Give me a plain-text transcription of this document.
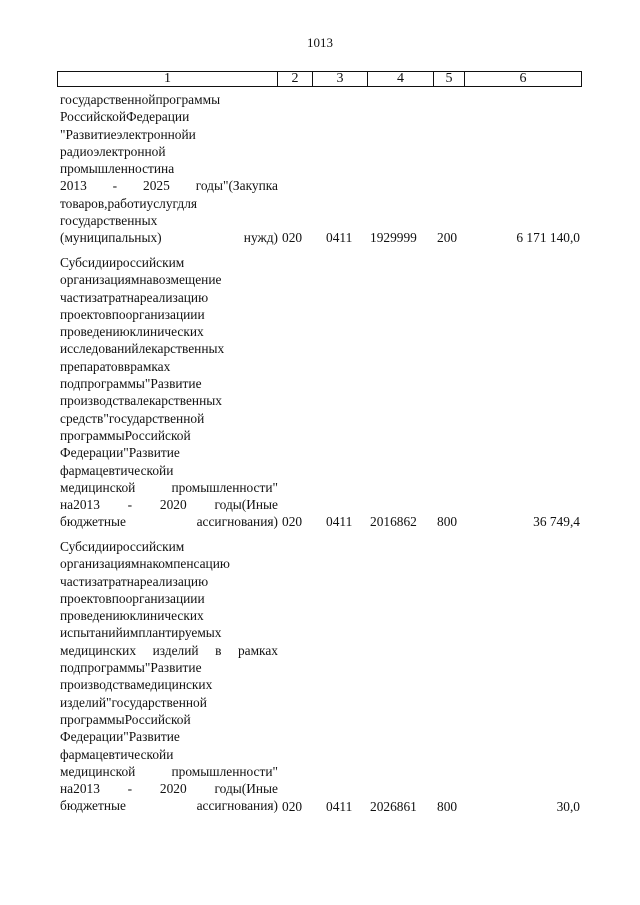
1013
1	2	3	4	5	6
государственнойпрограммы
РоссийскойФедерации
"Развитиеэлектроннойи
радиоэлектронной
промышленностина
2013 - 2025 годы"(Закупка
товаров,работиуслугдля
государственных
(муниципальных) нужд) 020 0411 1929999 200	6 171 140,0
Субсидиироссийским
организациямнавозмещение
частизатратнареализацию
проектовпоорганизациии
проведениюклинических
исследованийлекарственных
препаратовврамках
подпрограммы"Развитие
производствалекарственных
средств"государственной
программыРоссийской
Федерации"Развитие
фармацевтическойи
медицинской промышленности"
на2013 - 2020 годы(Иные
бюджетные ассигнования) 020 0411 2016862 800	36 749,4
Субсидиироссийским
организациямнакомпенсацию
частизатратнареализацию
проектовпоорганизациии
проведениюклинических
испытанийимплантируемых
медицинских изделий в рамках
подпрограммы"Развитие
производствамедицинских
изделий"государственной
программыРоссийской
Федерации"Развитие
фармацевтическойи
медицинской промышленности"
на2013 - 2020 годы(Иные
бюджетные ассигнования) 020 0411 2026861 800	30,0
